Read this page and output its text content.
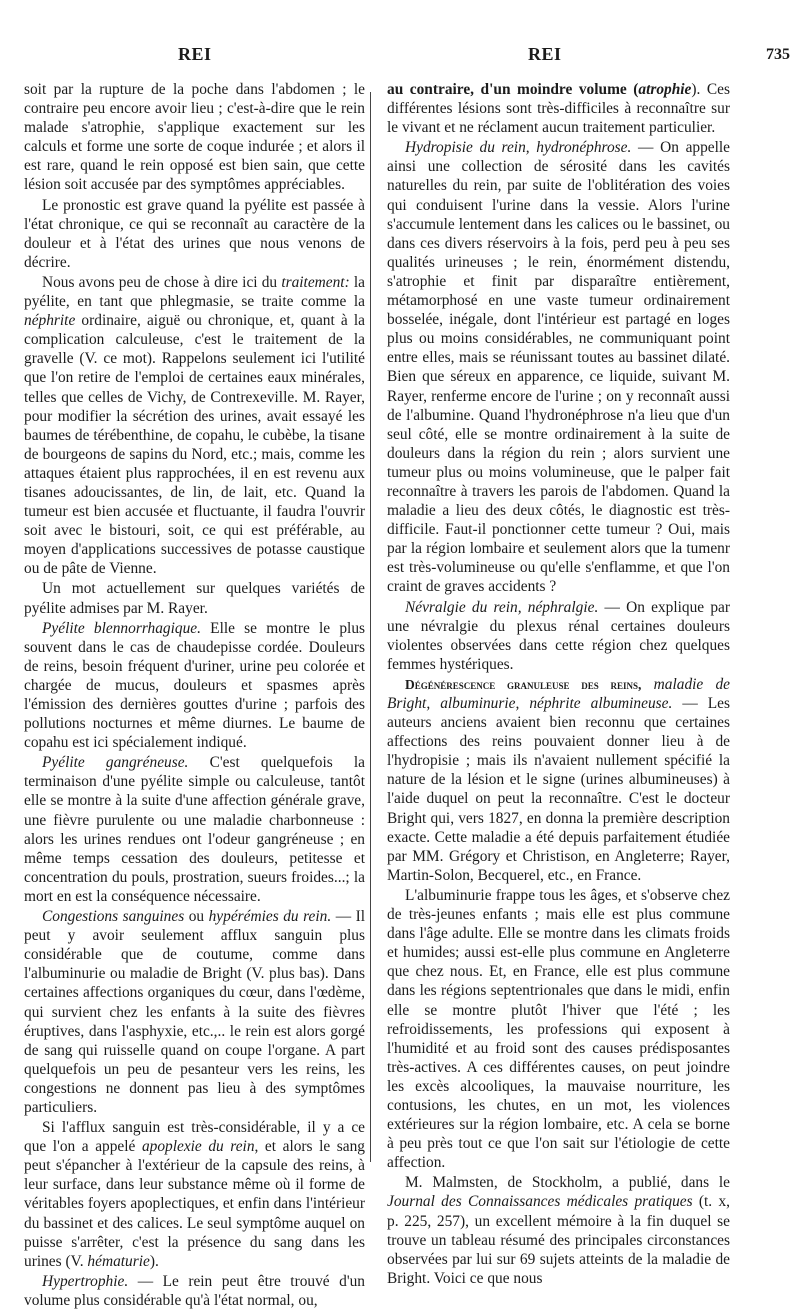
REI	REI	735

soit par la rupture de la poche dans l'abdomen ; le contraire peu encore avoir lieu ; c'est-à-dire que le rein malade s'atrophie, s'applique exactement sur les calculs et forme une sorte de coque indurée ; et alors il est rare, quand le rein opposé est bien sain, que cette lésion soit accusée par des symptômes appréciables.

Le pronostic est grave quand la pyélite est passée à l'état chronique, ce qui se reconnaît au caractère de la douleur et à l'état des urines que nous venons de décrire.

Nous avons peu de chose à dire ici du traitement: la pyélite, en tant que phlegmasie, se traite comme la néphrite ordinaire, aiguë ou chronique, et, quant à la complication calculeuse, c'est le traitement de la gravelle (V. ce mot). Rappelons seulement ici l'utilité que l'on retire de l'emploi de certaines eaux minérales, telles que celles de Vichy, de Contrexeville. M. Rayer, pour modifier la sécrétion des urines, avait essayé les baumes de térébenthine, de copahu, le cubèbe, la tisane de bourgeons de sapins du Nord, etc.; mais, comme les attaques étaient plus rapprochées, il en est revenu aux tisanes adoucissantes, de lin, de lait, etc. Quand la tumeur est bien accusée et fluctuante, il faudra l'ouvrir soit avec le bistouri, soit, ce qui est préférable, au moyen d'applications successives de potasse caustique ou de pâte de Vienne.

Un mot actuellement sur quelques variétés de pyélite admises par M. Rayer.

Pyélite blennorrhagique. Elle se montre le plus souvent dans le cas de chaudepisse cordée. Douleurs de reins, besoin fréquent d'uriner, urine peu colorée et chargée de mucus, douleurs et spasmes après l'émission des dernières gouttes d'urine ; parfois des pollutions nocturnes et même diurnes. Le baume de copahu est ici spécialement indiqué.

Pyélite gangréneuse. C'est quelquefois la terminaison d'une pyélite simple ou calculeuse, tantôt elle se montre à la suite d'une affection générale grave, une fièvre purulente ou une maladie charbonneuse : alors les urines rendues ont l'odeur gangréneuse ; en même temps cessation des douleurs, petitesse et concentration du pouls, prostration, sueurs froides...; la mort en est la conséquence nécessaire.

Congestions sanguines ou hypérémies du rein. — Il peut y avoir seulement afflux sanguin plus considérable que de coutume, comme dans l'albuminurie ou maladie de Bright (V. plus bas). Dans certaines affections organiques du cœur, dans l'œdème, qui survient chez les enfants à la suite des fièvres éruptives, dans l'asphyxie, etc.,.. le rein est alors gorgé de sang qui ruisselle quand on coupe l'organe. A part quelquefois un peu de pesanteur vers les reins, les congestions ne donnent pas lieu à des symptômes particuliers.

Si l'afflux sanguin est très-considérable, il y a ce que l'on a appelé apoplexie du rein, et alors le sang peut s'épancher à l'extérieur de la capsule des reins, à leur surface, dans leur substance même où il forme de véritables foyers apoplectiques, et enfin dans l'intérieur du bassinet et des calices. Le seul symptôme auquel on puisse s'arrêter, c'est la présence du sang dans les urines (V. hématurie).

Hypertrophie. — Le rein peut être trouvé d'un volume plus considérable qu'à l'état normal, ou,

au contraire, d'un moindre volume (atrophie). Ces différentes lésions sont très-difficiles à reconnaître sur le vivant et ne réclament aucun traitement particulier.

Hydropisie du rein, hydronéphrose. — On appelle ainsi une collection de sérosité dans les cavités naturelles du rein, par suite de l'oblitération des voies qui conduisent l'urine dans la vessie. Alors l'urine s'accumule lentement dans les calices ou le bassinet, ou dans ces divers réservoirs à la fois, perd peu à peu ses qualités urineuses ; le rein, énormément distendu, s'atrophie et finit par disparaître entièrement, métamorphosé en une vaste tumeur ordinairement bosselée, inégale, dont l'intérieur est partagé en loges plus ou moins considérables, ne communiquant point entre elles, mais se réunissant toutes au bassinet dilaté. Bien que séreux en apparence, ce liquide, suivant M. Rayer, renferme encore de l'urine ; on y reconnaît aussi de l'albumine. Quand l'hydronéphrose n'a lieu que d'un seul côté, elle se montre ordinairement à la suite de douleurs dans la région du rein ; alors survient une tumeur plus ou moins volumineuse, que le palper fait reconnaître à travers les parois de l'abdomen. Quand la maladie a lieu des deux côtés, le diagnostic est très-difficile. Faut-il ponctionner cette tumeur ? Oui, mais par la région lombaire et seulement alors que la tumenr est très-volumineuse ou qu'elle s'enflamme, et que l'on craint de graves accidents ?

Névralgie du rein, néphralgie. — On explique par une névralgie du plexus rénal certaines douleurs violentes observées dans cette région chez quelques femmes hystériques.

Dégénérescence granuleuse des reins, maladie de Bright, albuminurie, néphrite albumineuse. — Les auteurs anciens avaient bien reconnu que certaines affections des reins pouvaient donner lieu à de l'hydropisie ; mais ils n'avaient nullement spécifié la nature de la lésion et le signe (urines albumineuses) à l'aide duquel on peut la reconnaître. C'est le docteur Bright qui, vers 1827, en donna la première description exacte. Cette maladie a été depuis parfaitement étudiée par MM. Grégory et Christison, en Angleterre; Rayer, Martin-Solon, Becquerel, etc., en France.

L'albuminurie frappe tous les âges, et s'observe chez de très-jeunes enfants ; mais elle est plus commune dans l'âge adulte. Elle se montre dans les climats froids et humides; aussi est-elle plus commune en Angleterre que chez nous. Et, en France, elle est plus commune dans les régions septentrionales que dans le midi, enfin elle se montre plutôt l'hiver que l'été ; les refroidissements, les professions qui exposent à l'humidité et au froid sont des causes prédisposantes très-actives. A ces différentes causes, on peut joindre les excès alcooliques, la mauvaise nourriture, les contusions, les chutes, en un mot, les violences extérieures sur la région lombaire, etc. A cela se borne à peu près tout ce que l'on sait sur l'étiologie de cette affection.

M. Malmsten, de Stockholm, a publié, dans le Journal des Connaissances médicales pratiques (t. x, p. 225, 257), un excellent mémoire à la fin duquel se trouve un tableau résumé des principales circonstances observées par lui sur 69 sujets atteints de la maladie de Bright. Voici ce que nous
